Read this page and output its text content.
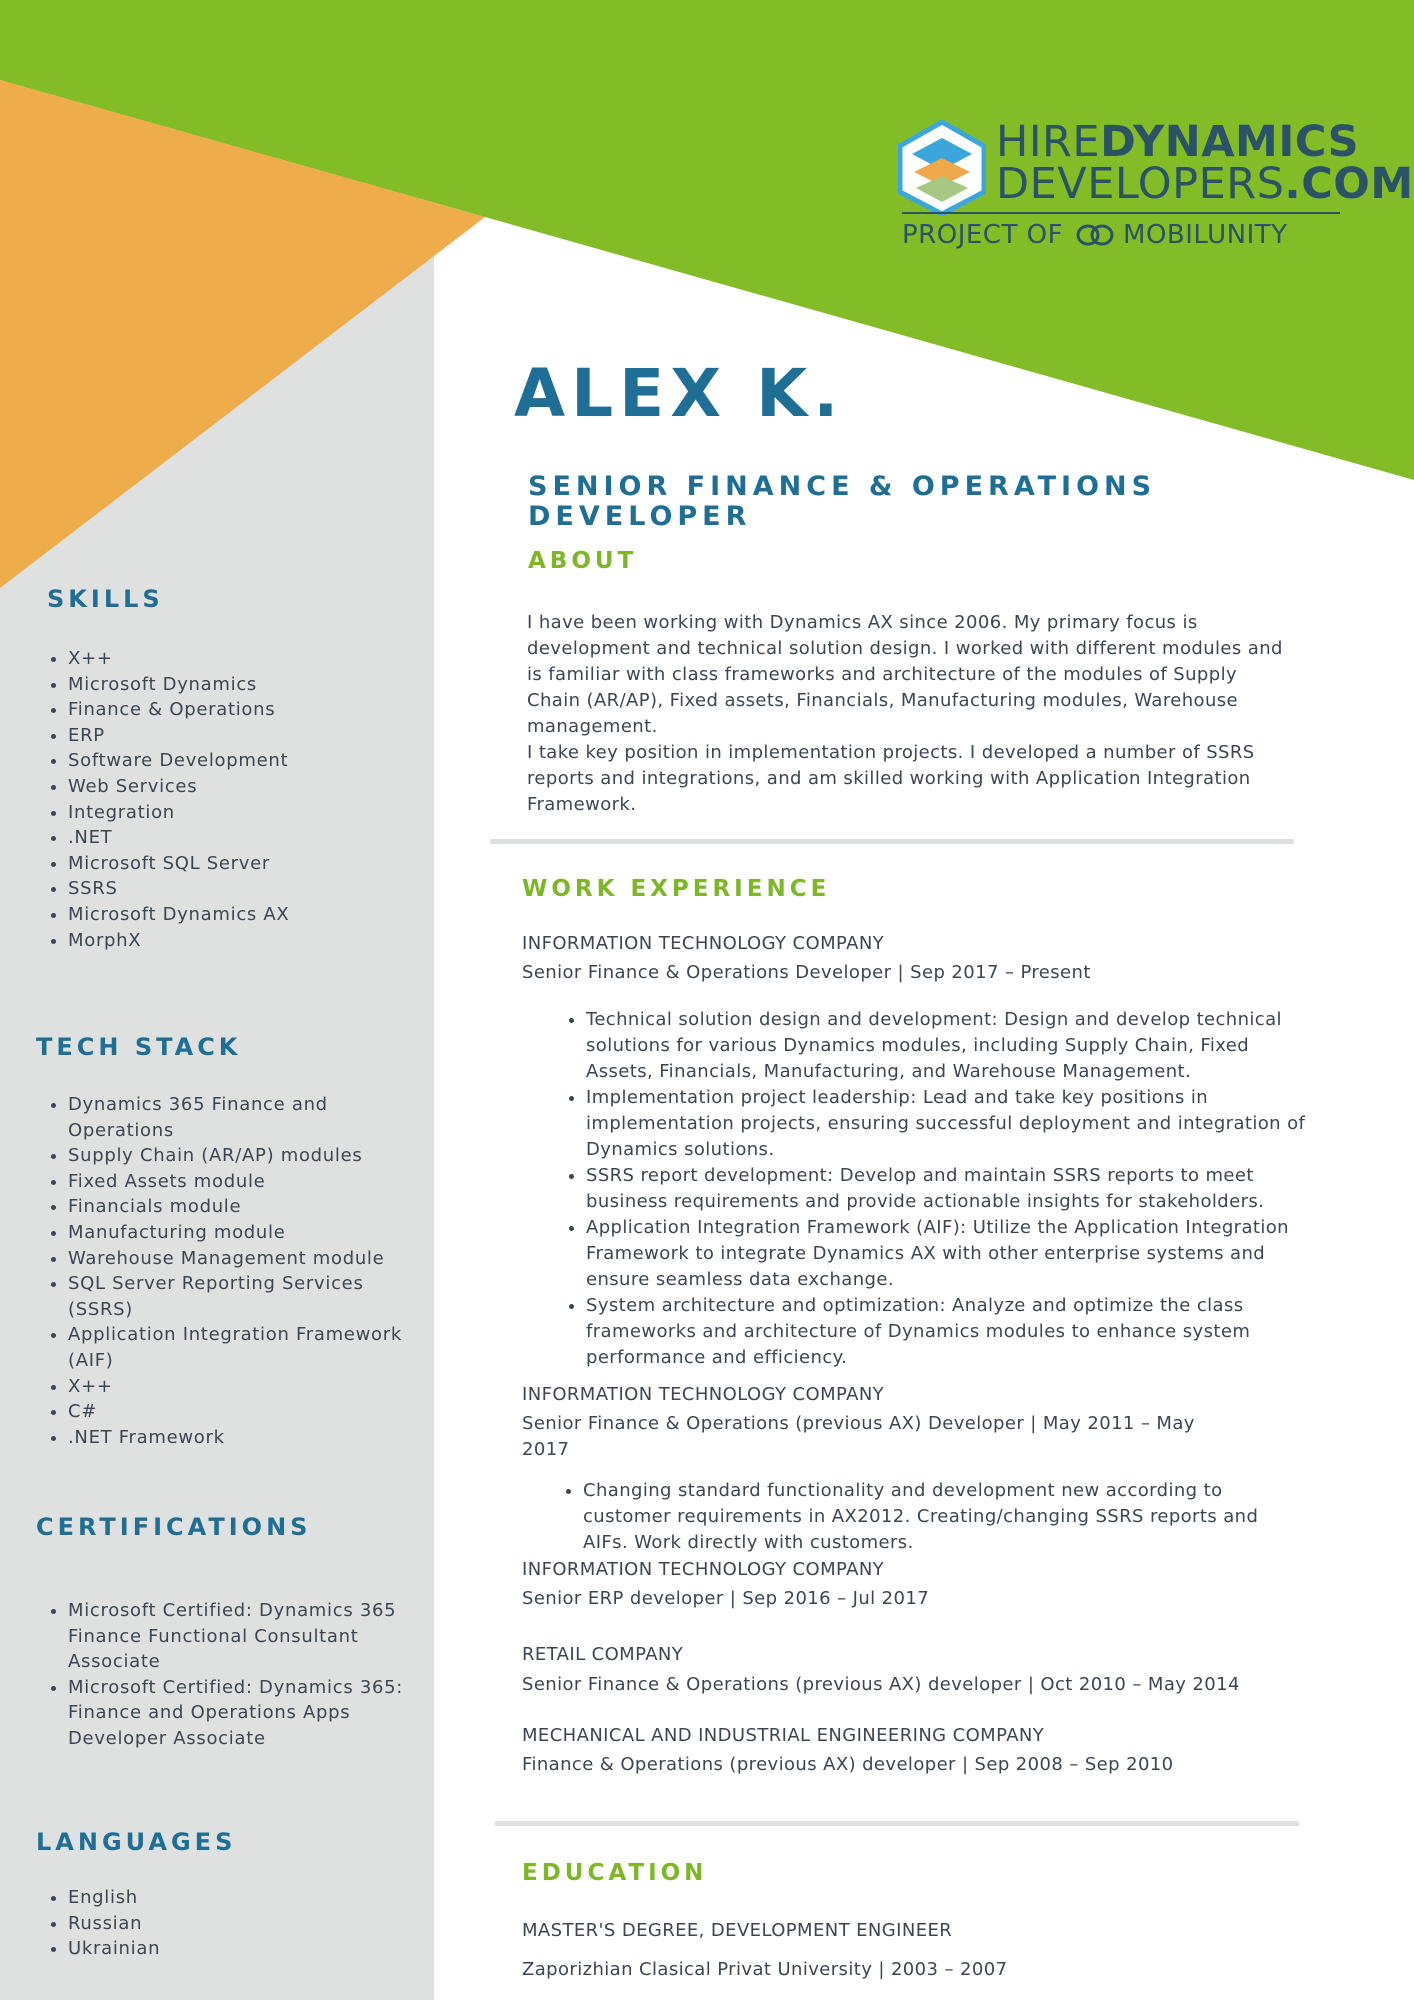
HIREDYNAMICS
DEVELOPERS.COM
PROJECT OF MOBILUNITY
SKILLS
• X++
• Microsoft Dynamics
• Finance & Operations
• ERP
• Software Development
• Web Services
• Integration
• .NET
• Microsoft SQL Server
• SSRS
• Microsoft Dynamics AX
• MorphX
TECH STACK
• Dynamics 365 Finance and Operations
• Supply Chain (AR/AP) modules
• Fixed Assets module
• Financials module
• Manufacturing module
• Warehouse Management module
• SQL Server Reporting Services (SSRS)
• Application Integration Framework (AIF)
• X++
• C#
• .NET Framework
CERTIFICATIONS
• Microsoft Certified: Dynamics 365 Finance Functional Consultant Associate
• Microsoft Certified: Dynamics 365: Finance and Operations Apps Developer Associate
LANGUAGES
• English
• Russian
• Ukrainian
ALEX K.
SENIOR FINANCE & OPERATIONS DEVELOPER
ABOUT

I have been working with Dynamics AX since 2006. My primary focus is development and technical solution design. I worked with different modules and is familiar with class frameworks and architecture of the modules of Supply Chain (AR/AP), Fixed assets, Financials, Manufacturing modules, Warehouse management.

I take key position in implementation projects. I developed a number of SSRS reports and integrations, and am skilled working with Application Integration Framework.

WORK EXPERIENCE
INFORMATION TECHNOLOGY COMPANY
Senior Finance & Operations Developer | Sep 2017 – Present
• Technical solution design and development: Design and develop technical solutions for various Dynamics modules, including Supply Chain, Fixed Assets, Financials, Manufacturing, and Warehouse Management.
• Implementation project leadership: Lead and take key positions in implementation projects, ensuring successful deployment and integration of Dynamics solutions.
• SSRS report development: Develop and maintain SSRS reports to meet business requirements and provide actionable insights for stakeholders.
• Application Integration Framework (AIF): Utilize the Application Integration Framework to integrate Dynamics AX with other enterprise systems and ensure seamless data exchange.
• System architecture and optimization: Analyze and optimize the class frameworks and architecture of Dynamics modules to enhance system performance and efficiency.
INFORMATION TECHNOLOGY COMPANY
Senior Finance & Operations (previous AX) Developer | May 2011 – May 2017
• Changing standard functionality and development new according to customer requirements in AX2012. Creating/changing SSRS reports and AIFs. Work directly with customers.
INFORMATION TECHNOLOGY COMPANY
Senior ERP developer | Sep 2016 – Jul 2017
RETAIL COMPANY
Senior Finance & Operations (previous AX) developer | Oct 2010 – May 2014
MECHANICAL AND INDUSTRIAL ENGINEERING COMPANY
Finance & Operations (previous AX) developer | Sep 2008 – Sep 2010
EDUCATION
MASTER'S DEGREE, DEVELOPMENT ENGINEER
Zaporizhian Clasical Privat University | 2003 – 2007
